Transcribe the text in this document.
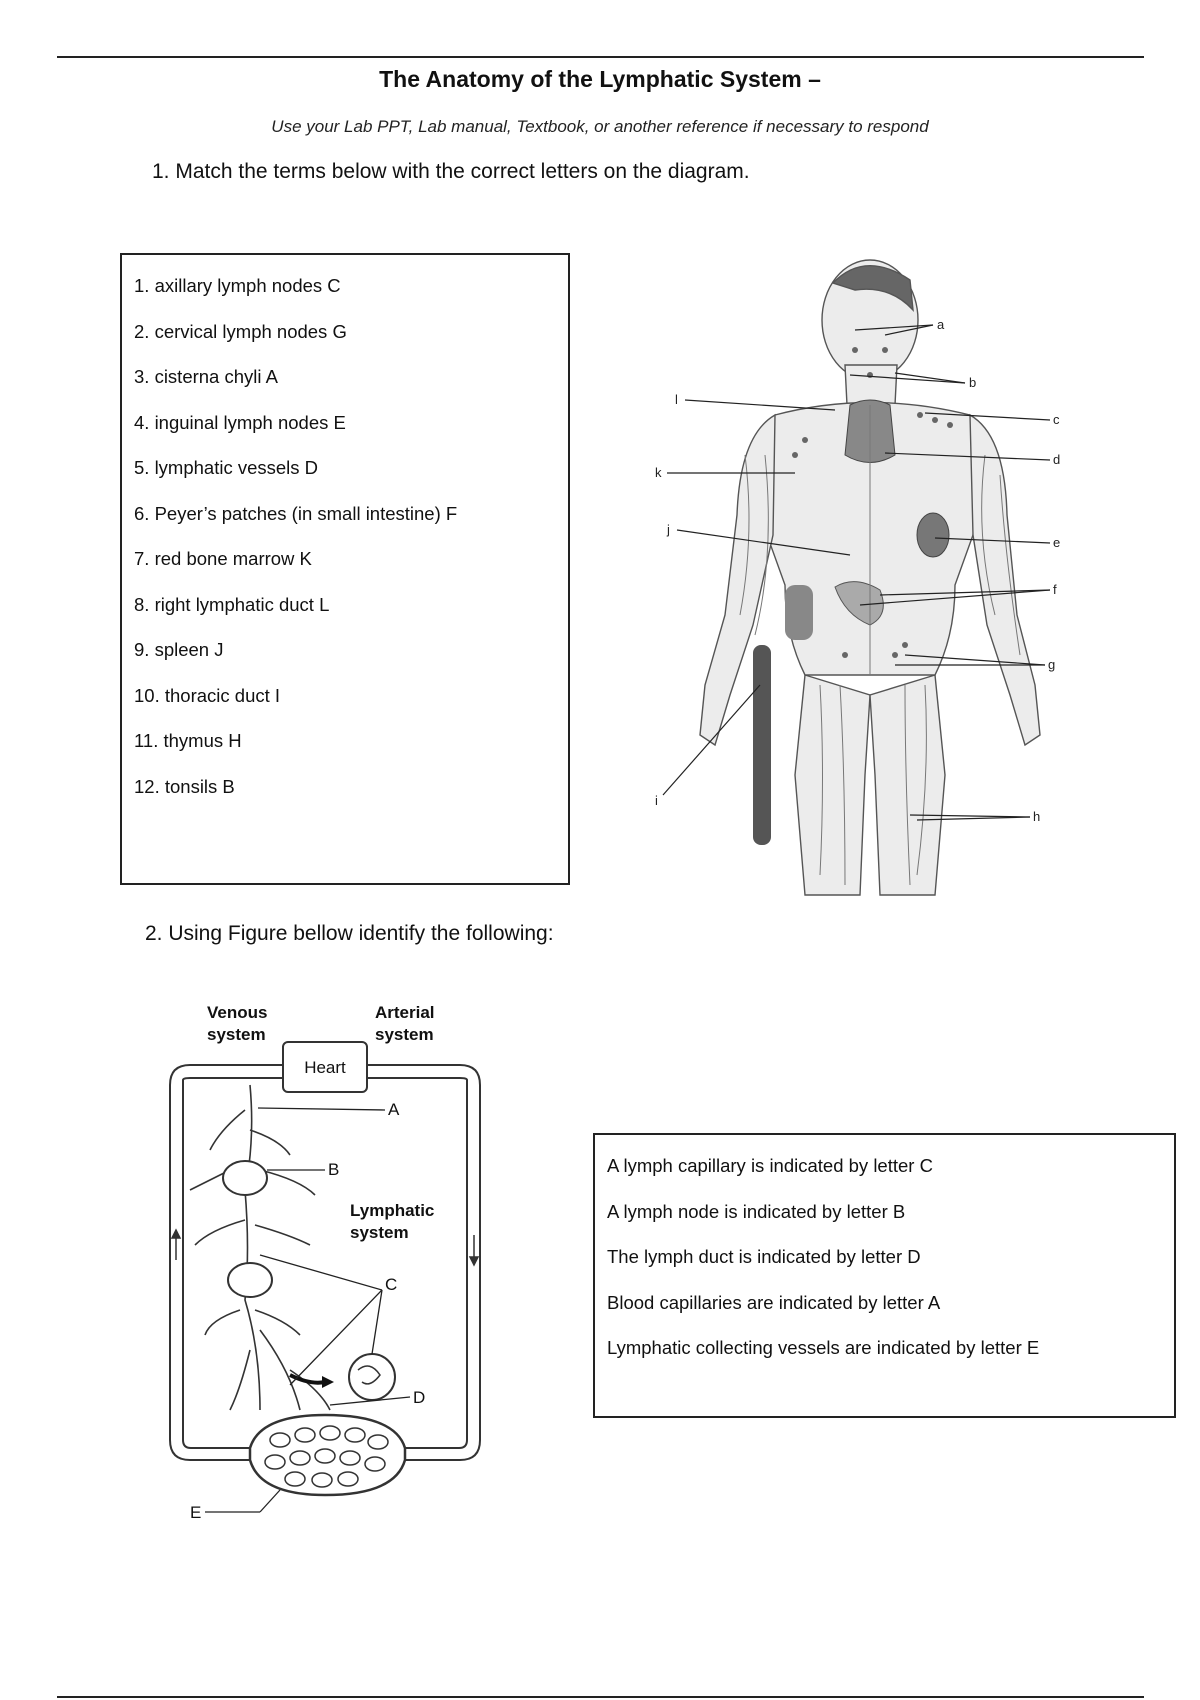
The Anatomy of the Lymphatic System –
Use your Lab PPT, Lab manual, Textbook, or another reference if necessary to respond
1. Match the terms below with the correct letters on the diagram.
1. axillary lymph nodes C
2. cervical lymph nodes G
3. cisterna chyli A
4. inguinal lymph nodes E
5. lymphatic vessels D
6. Peyer’s patches (in small intestine) F
7. red bone marrow K
8. right lymphatic duct L
9. spleen J
10. thoracic duct I
11. thymus H
12. tonsils B
a
b
c
d
e
f
g
h
i
j
k
l
2. Using Figure bellow identify the following:
Venous
system
Arterial
system
Lymphatic
system
Heart
A
B
C
D
E
A lymph capillary is indicated by letter C
A lymph node is indicated by letter B
The lymph duct is indicated by letter D
Blood capillaries are indicated by letter A
Lymphatic collecting vessels are indicated by letter E
